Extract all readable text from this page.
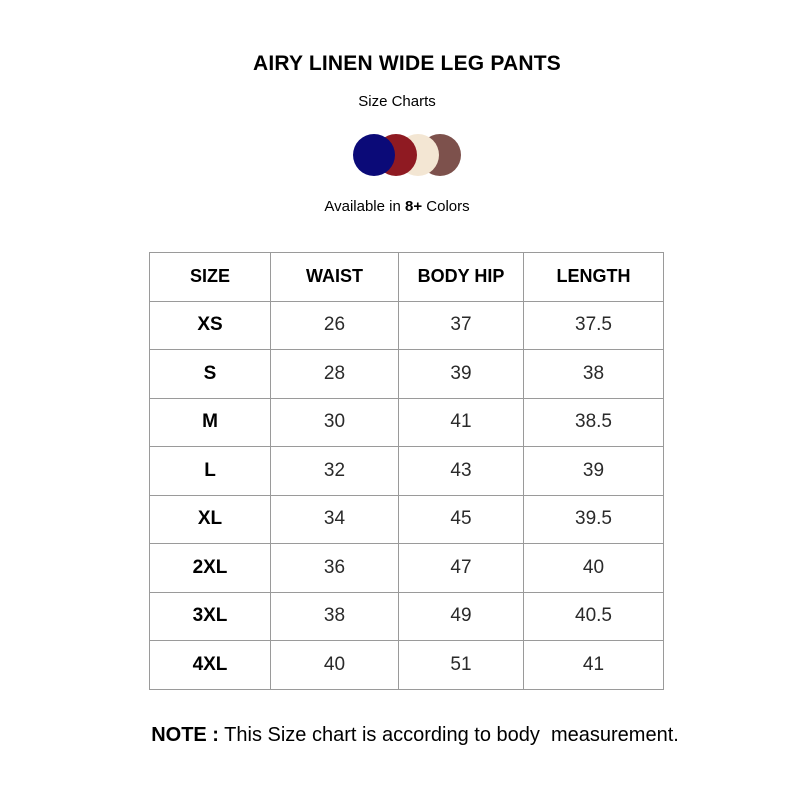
AIRY LINEN WIDE LEG PANTS
Size Charts
Available in 8+ Colors
SIZE	WAIST	BODY HIP	LENGTH
XS	26	37	37.5
S	28	39	38
M	30	41	38.5
L	32	43	39
XL	34	45	39.5
2XL	36	47	40
3XL	38	49	40.5
4XL	40	51	41
NOTE : This Size chart is according to body  measurement.
